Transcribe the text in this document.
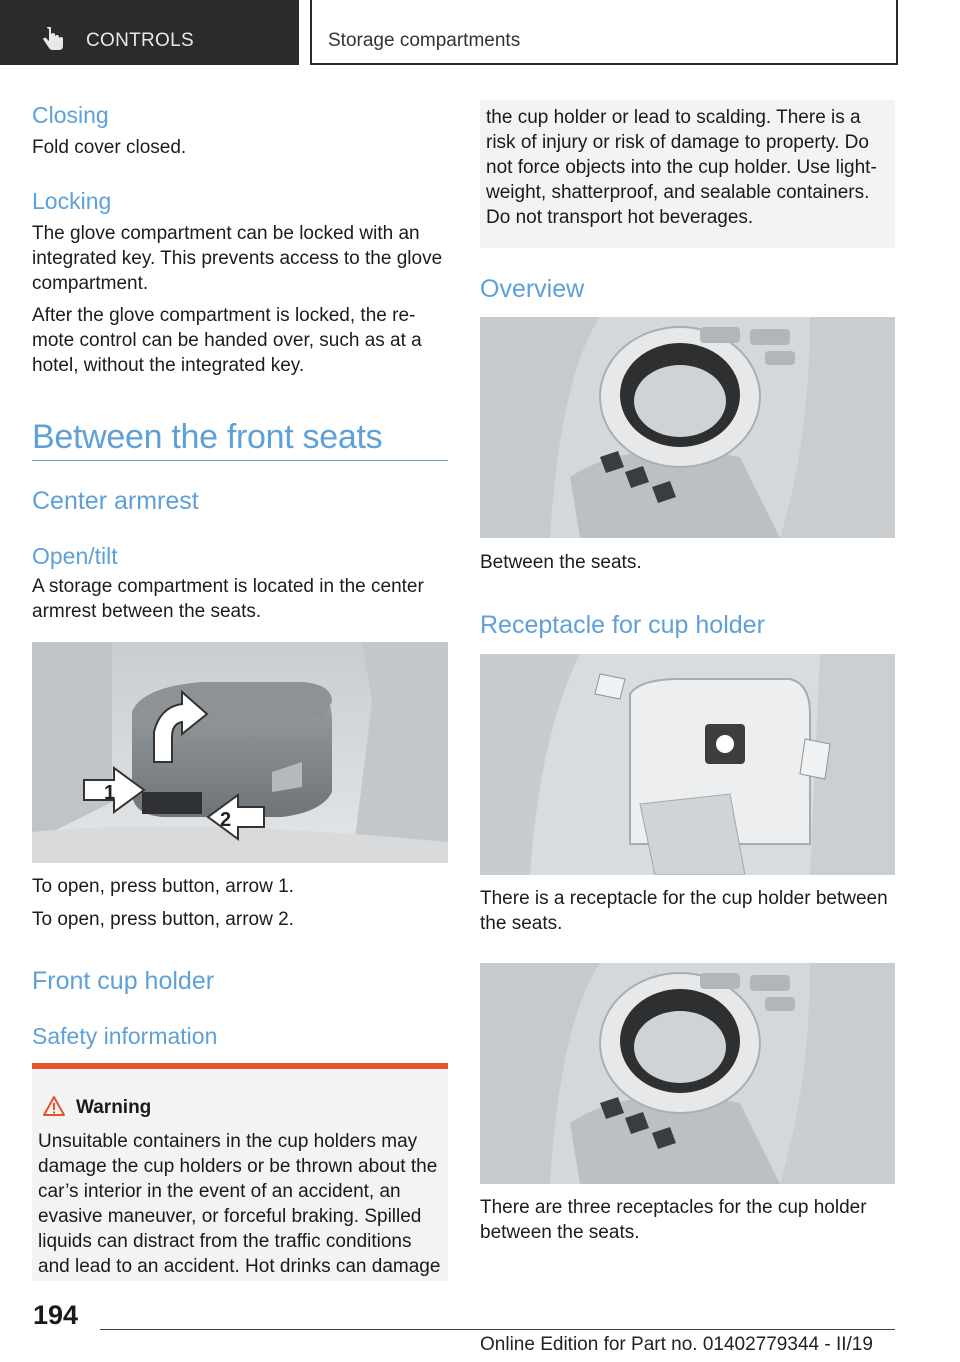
CONTROLS	Storage compartments
Closing

Fold cover closed.

Locking

The glove compartment can be locked with an integrated key. This prevents access to the glove compartment.

After the glove compartment is locked, the remote control can be handed over, such as at a hotel, without the integrated key.

Between the front seats
Center armrest
Open/tilt

A storage compartment is located in the center armrest between the seats.

1
2

To open, press button, arrow 1.

To open, press button, arrow 2.

Front cup holder
Safety information
Warning
Unsuitable containers in the cup holders may damage the cup holders or be thrown about the car’s interior in the event of an accident, an evasive maneuver, or forceful braking. Spilled liquids can distract from the traffic conditions and lead to an accident. Hot drinks can damage
the cup holder or lead to scalding. There is a risk of injury or risk of damage to property. Do not force objects into the cup holder. Use lightweight, shatterproof, and sealable containers. Do not transport hot beverages.
Overview

Between the seats.

Receptacle for cup holder

There is a receptacle for the cup holder between the seats.

There are three receptacles for the cup holder between the seats.

194
Online Edition for Part no. 01402779344 - II/19
